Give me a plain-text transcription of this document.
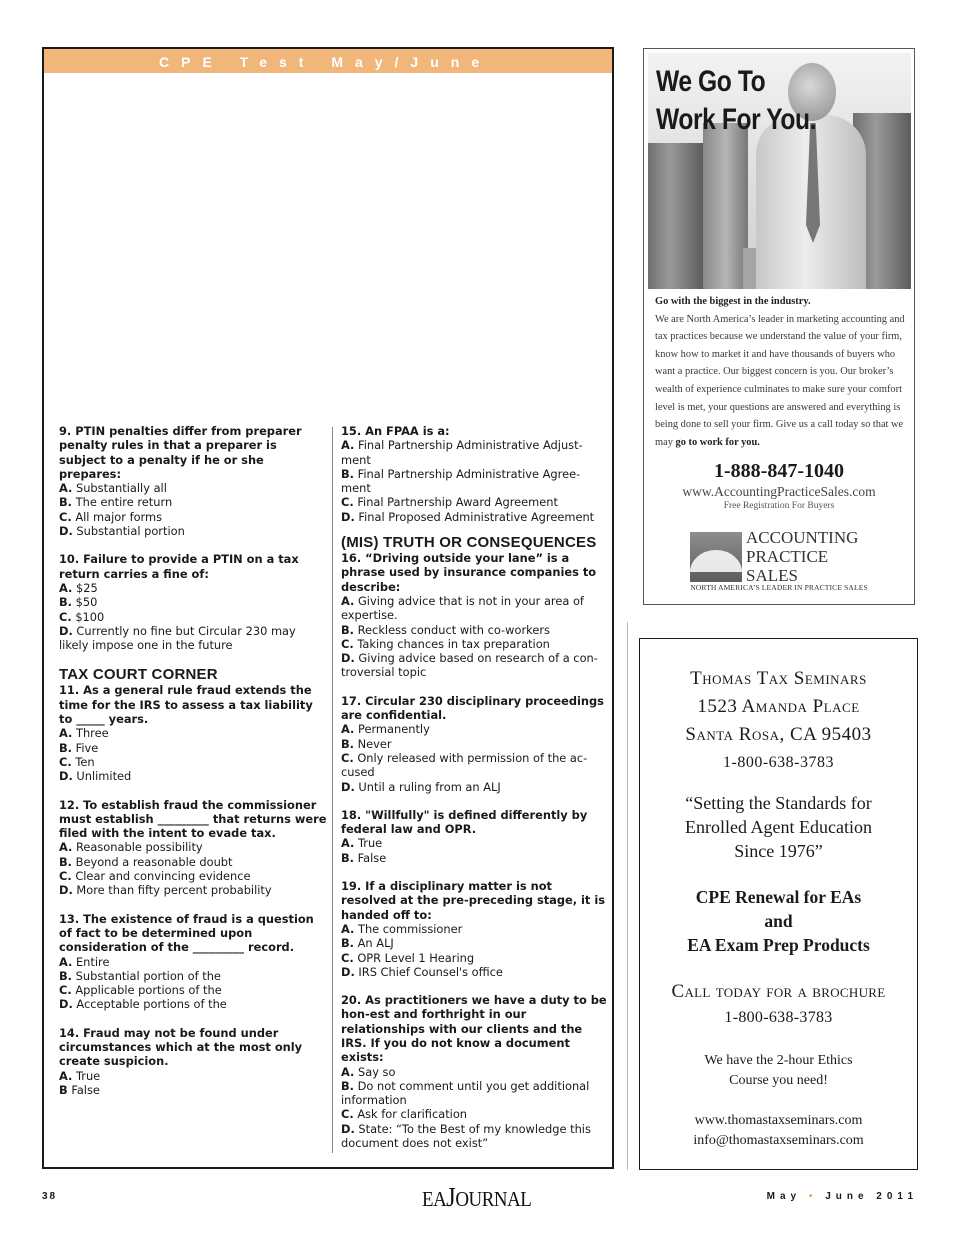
CPE Test May/June
9. PTIN penalties differ from preparer penalty rules in that a preparer is subject to a penalty if he or she prepares:
A. Substantially all
B. The entire return
C. All major forms
D. Substantial portion
10. Failure to provide a PTIN on a tax return carries a fine of:
A. $25
B. $50
C. $100
D. Currently no fine but Circular 230 may likely impose one in the future
TAX COURT CORNER
11. As a general rule fraud extends the time for the IRS to assess a tax liability to _____ years.
A. Three
B. Five
C. Ten
D. Unlimited
12. To establish fraud the commissioner must establish _________ that returns were filed with the intent to evade tax.
A. Reasonable possibility
B. Beyond a reasonable doubt
C. Clear and convincing evidence
D. More than fifty percent probability
13. The existence of fraud is a question of fact to be determined upon consideration of the _________ record.
A. Entire
B. Substantial portion of the
C. Applicable portions of the
D. Acceptable portions of the
14. Fraud may not be found under circumstances which at the most only create suspicion.
A. True
B False
15. An FPAA is a:
A. Final Partnership Administrative Adjust-ment
B. Final Partnership Administrative Agree-ment
C. Final Partnership Award Agreement
D. Final Proposed Administrative Agreement
(MIS) TRUTH OR CONSEQUENCES
16. “Driving outside your lane” is a phrase used by insurance companies to describe:
A. Giving advice that is not in your area of expertise.
B. Reckless conduct with co-workers
C. Taking chances in tax preparation
D. Giving advice based on research of a con-troversial topic
17. Circular 230 disciplinary proceedings are confidential.
A. Permanently
B. Never
C. Only released with permission of the ac-cused
D. Until a ruling from an ALJ
18. "Willfully" is defined differently by federal law and OPR.
A. True
B. False
19. If a disciplinary matter is not resolved at the pre-preceding stage, it is handed off to:
A. The commissioner
B. An ALJ
C. OPR Level 1 Hearing
D. IRS Chief Counsel's office
20. As practitioners we have a duty to be hon-est and forthright in our relationships with our clients and the IRS. If you do not know a document exists:
A. Say so
B. Do not comment until you get additional information
C. Ask for clarification
D. State: “To the Best of my knowledge this document does not exist”
We Go To
Work For You.
Go with the biggest in the industry.
We are North America’s leader in marketing accounting and tax practices because we understand the value of your firm, know how to market it and have thousands of buyers who want a practice. Our biggest concern is you. Our broker’s wealth of experience culminates to make sure your comfort level is met, your questions are answered and everything is being done to sell your firm. Give us a call today so that we may go to work for you.
1-888-847-1040
www.AccountingPracticeSales.com
Free Registration For Buyers
ACCOUNTING
PRACTICE
SALES
NORTH AMERICA’S LEADER IN PRACTICE SALES
Thomas Tax Seminars
1523 Amanda Place
Santa Rosa, CA 95403
1-800-638-3783
“Setting the Standards for
Enrolled Agent Education
Since 1976”
CPE Renewal for EAs
and
EA Exam Prep Products
Call today for a brochure
1-800-638-3783
We have the 2-hour Ethics
Course you need!
www.thomastaxseminars.com
info@thomastaxseminars.com
38	EAJOURNAL	May • June 2011
